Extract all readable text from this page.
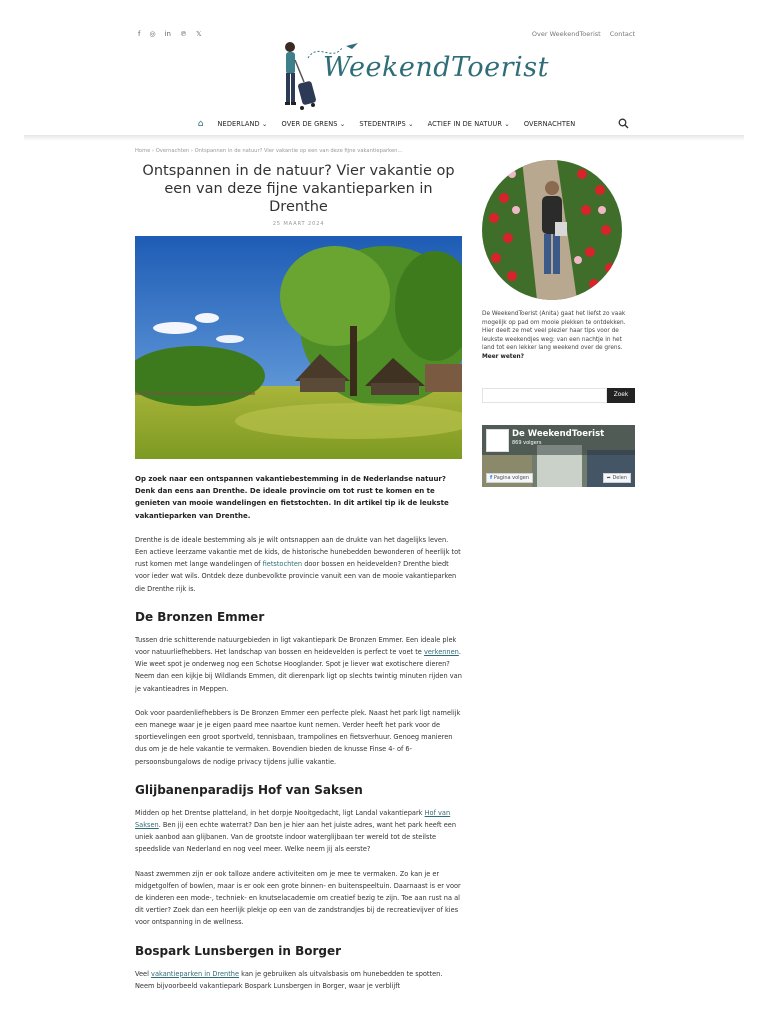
f ◎ in ℗ 𝕏	Over WeekendToerist Contact
WeekendToerist
⌂ NEDERLAND ⌄ OVER DE GRENS ⌄ STEDENTRIPS ⌄ ACTIEF IN DE NATUUR ⌄ OVERNACHTEN
Home › Overnachten › Ontspannen in de natuur? Vier vakantie op een van deze fijne vakantieparken...
Ontspannen in de natuur? Vier vakantie op een van deze fijne vakantieparken in Drenthe
25 MAART 2024

Op zoek naar een ontspannen vakantiebestemming in de Nederlandse natuur? Denk dan eens aan Drenthe. De ideale provincie om tot rust te komen en te genieten van mooie wandelingen en fietstochten. In dit artikel tip ik de leukste vakantieparken van Drenthe.

Drenthe is de ideale bestemming als je wilt ontsnappen aan de drukte van het dagelijks leven. Een actieve leerzame vakantie met de kids, de historische hunebedden bewonderen of heerlijk tot rust komen met lange wandelingen of fietstochten door bossen en heidevelden? Drenthe biedt voor ieder wat wils. Ontdek deze dunbevolkte provincie vanuit een van de mooie vakantieparken die Drenthe rijk is.

De Bronzen Emmer

Tussen drie schitterende natuurgebieden in ligt vakantiepark De Bronzen Emmer. Een ideale plek voor natuurliefhebbers. Het landschap van bossen en heidevelden is perfect te voet te verkennen. Wie weet spot je onderweg nog een Schotse Hooglander. Spot je liever wat exotischere dieren? Neem dan een kijkje bij Wildlands Emmen, dit dierenpark ligt op slechts twintig minuten rijden van je vakantieadres in Meppen.

Ook voor paardenliefhebbers is De Bronzen Emmer een perfecte plek. Naast het park ligt namelijk een manege waar je je eigen paard mee naartoe kunt nemen. Verder heeft het park voor de sportievelingen een groot sportveld, tennisbaan, trampolines en fietsverhuur. Genoeg manieren dus om je de hele vakantie te vermaken. Bovendien bieden de knusse Finse 4- of 6-persoonsbungalows de nodige privacy tijdens jullie vakantie.

Glijbanenparadijs Hof van Saksen

Midden op het Drentse platteland, in het dorpje Nooitgedacht, ligt Landal vakantiepark Hof van Saksen. Ben jij een echte waterrat? Dan ben je hier aan het juiste adres, want het park heeft een uniek aanbod aan glijbanen. Van de grootste indoor waterglijbaan ter wereld tot de steilste speedslide van Nederland en nog veel meer. Welke neem jij als eerste?

Naast zwemmen zijn er ook talloze andere activiteiten om je mee te vermaken. Zo kan je er midgetgolfen of bowlen, maar is er ook een grote binnen- en buitenspeeltuin. Daarnaast is er voor de kinderen een mode-, techniek- en knutselacademie om creatief bezig te zijn. Toe aan rust na al dit vertier? Zoek dan een heerlijk plekje op een van de zandstrandjes bij de recreatievijver of kies voor ontspanning in de wellness.

Bospark Lunsbergen in Borger

Veel vakantieparken in Drenthe kan je gebruiken als uitvalsbasis om hunebedden te spotten. Neem bijvoorbeeld vakantiepark Bospark Lunsbergen in Borger, waar je verblijft

De WeekendToerist (Anita) gaat het liefst zo vaak mogelijk op pad om mooie plekken te ontdekken. Hier deelt ze met veel plezier haar tips voor de leukste weekendjes weg: van een nachtje in het land tot een lekker lang weekend over de grens. Meer weten?

Zoek
De WeekendToerist
869 volgers
f Pagina volgen	➦ Delen
